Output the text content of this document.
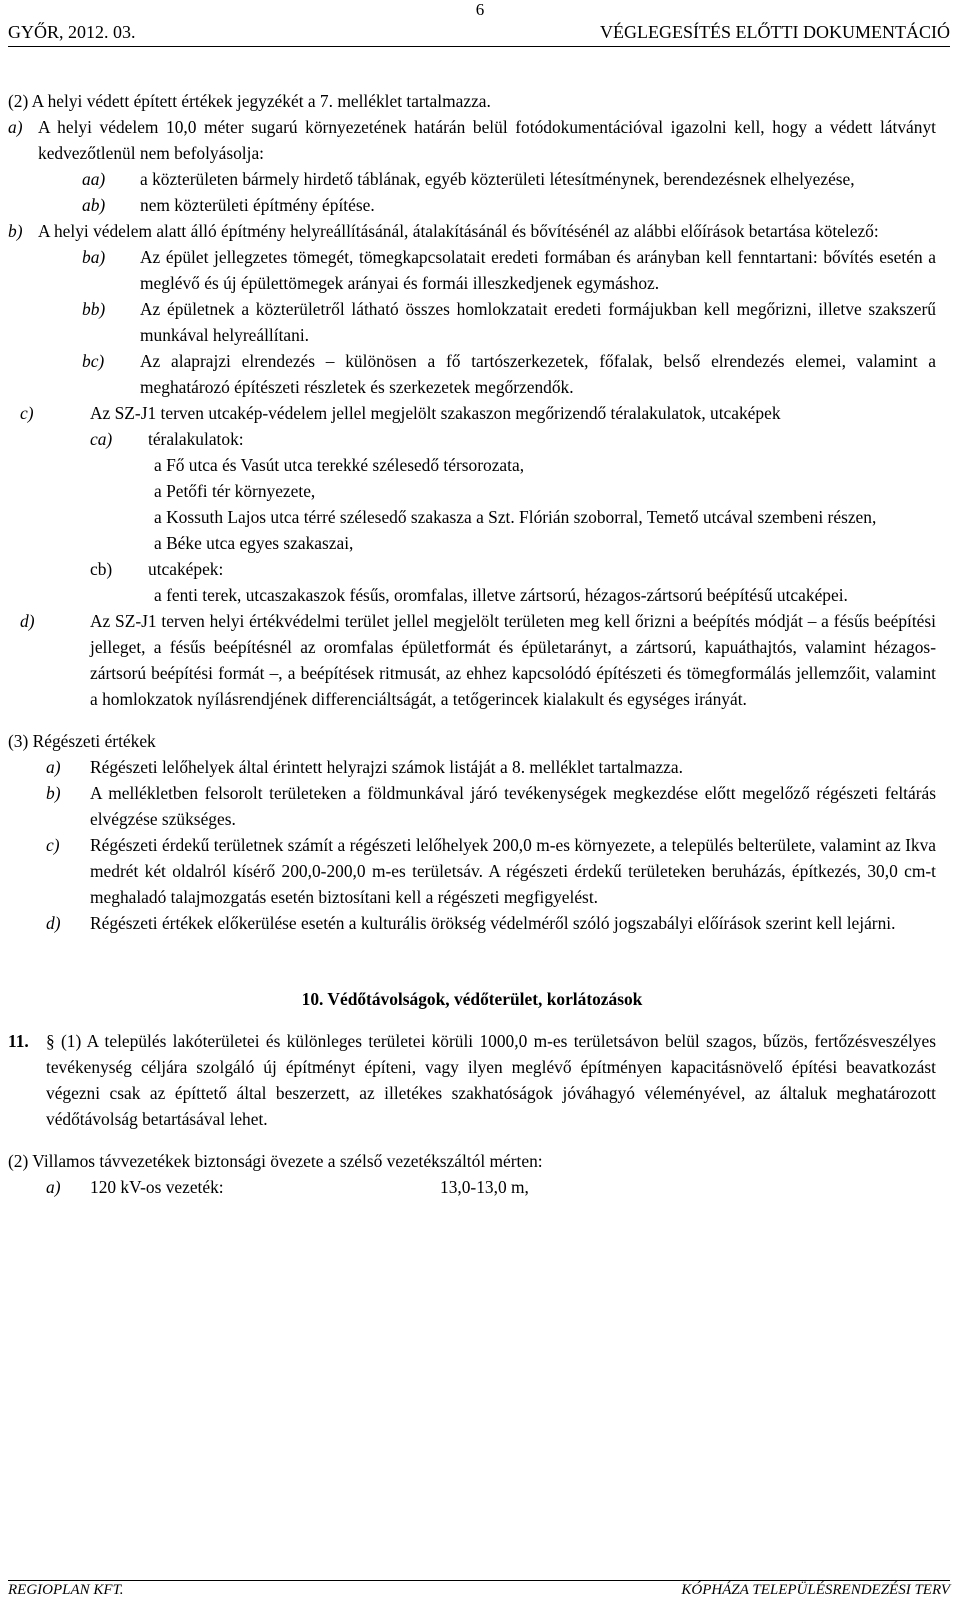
6
GYŐR, 2012. 03.	VÉGLEGESÍTÉS ELŐTTI DOKUMENTÁCIÓ
(2) A helyi védett épített értékek jegyzékét a 7. melléklet tartalmazza.
a) A helyi védelem 10,0 méter sugarú környezetének határán belül fotódokumentációval igazolni kell, hogy a védett látványt kedvezőtlenül nem befolyásolja:
aa)	a közterületen bármely hirdető táblának, egyéb közterületi létesítménynek, berendezésnek elhelyezése,
ab)	nem közterületi építmény építése.
b) A helyi védelem alatt álló építmény helyreállításánál, átalakításánál és bővítésénél az alábbi előírások betartása kötelező:
ba)	Az épület jellegzetes tömegét, tömegkapcsolatait eredeti formában és arányban kell fenntartani: bővítés esetén a meglévő és új épülettömegek arányai és formái illeszkedjenek egymáshoz.
bb)	Az épületnek a közterületről látható összes homlokzatait eredeti formájukban kell megőrizni, illetve szakszerű munkával helyreállítani.
bc)	Az alaprajzi elrendezés – különösen a fő tartószerkezetek, főfalak, belső elrendezés elemei, valamint a meghatározó építészeti részletek és szerkezetek megőrzendők.
c)	Az SZ-J1 terven utcakép-védelem jellel megjelölt szakaszon megőrizendő téralakulatok, utcaképek
ca)	téralakulatok:
a Fő utca és Vasút utca terekké szélesedő térsorozata,
a Petőfi tér környezete,
a Kossuth Lajos utca térré szélesedő szakasza a Szt. Flórián szoborral, Temető utcával szembeni részen,
a Béke utca egyes szakaszai,
cb)	utcaképek:
a fenti terek, utcaszakaszok fésűs, oromfalas, illetve zártsorú, hézagos-zártsorú beépítésű utcaképei.
d)	Az SZ-J1 terven helyi értékvédelmi terület jellel megjelölt területen meg kell őrizni a beépítés módját – a fésűs beépítési jelleget, a fésűs beépítésnél az oromfalas épületformát és épületarányt, a zártsorú, kapuáthajtós, valamint hézagos-zártsorú beépítési formát –, a beépítések ritmusát, az ehhez kapcsolódó építészeti és tömegformálás jellemzőit, valamint a homlokzatok nyílásrendjének differenciáltságát, a tetőgerincek kialakult és egységes irányát.
(3) Régészeti értékek
a)	Régészeti lelőhelyek által érintett helyrajzi számok listáját a 8. melléklet tartalmazza.
b)	A mellékletben felsorolt területeken a földmunkával járó tevékenységek megkezdése előtt megelőző régészeti feltárás elvégzése szükséges.
c)	Régészeti érdekű területnek számít a régészeti lelőhelyek 200,0 m-es környezete, a település belterülete, valamint az Ikva medrét két oldalról kísérő 200,0-200,0 m-es területsáv. A régészeti érdekű területeken beruházás, építkezés, 30,0 cm-t meghaladó talajmozgatás esetén biztosítani kell a régészeti megfigyelést.
d)	Régészeti értékek előkerülése esetén a kulturális örökség védelméről szóló jogszabályi előírások szerint kell lejárni.
10. Védőtávolságok, védőterület, korlátozások
11. § (1) A település lakóterületei és különleges területei körüli 1000,0 m-es területsávon belül szagos, bűzös, fertőzésveszélyes tevékenység céljára szolgáló új építményt építeni, vagy ilyen meglévő építményen kapacitásnövelő építési beavatkozást végezni csak az építtető által beszerzett, az illetékes szakhatóságok jóváhagyó véleményével, az általuk meghatározott védőtávolság betartásával lehet.
(2) Villamos távvezetékek biztonsági övezete a szélső vezetékszáltól mérten:
a)	120 kV-os vezeték:	13,0-13,0 m,
REGIOPLAN KFT.	KÓPHÁZA TELEPÜLÉSRENDEZÉSI TERV
